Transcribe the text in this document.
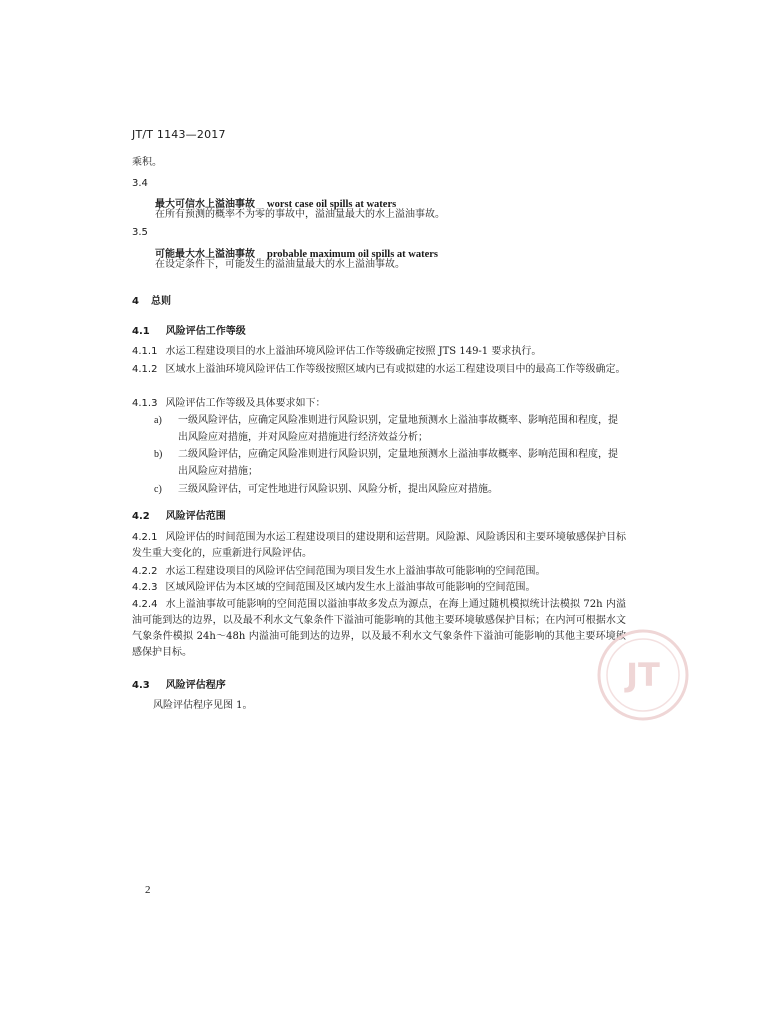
JT/T 1143—2017
乘积。
3.4
最大可信水上溢油事故 worst case oil spills at waters
在所有预测的概率不为零的事故中，溢油量最大的水上溢油事故。
3.5
可能最大水上溢油事故 probable maximum oil spills at waters
在设定条件下，可能发生的溢油量最大的水上溢油事故。
4 总则
4.1 风险评估工作等级
4.1.1 水运工程建设项目的水上溢油环境风险评估工作等级确定按照 JTS 149-1 要求执行。
4.1.2 区域水上溢油环境风险评估工作等级按照区域内已有或拟建的水运工程建设项目中的最高工作等级确定。
4.1.3 风险评估工作等级及具体要求如下：
a) 一级风险评估，应确定风险准则进行风险识别，定量地预测水上溢油事故概率、影响范围和程度，提出风险应对措施，并对风险应对措施进行经济效益分析；
b) 二级风险评估，应确定风险准则进行风险识别，定量地预测水上溢油事故概率、影响范围和程度，提出风险应对措施；
c) 三级风险评估，可定性地进行风险识别、风险分析，提出风险应对措施。
4.2 风险评估范围
4.2.1 风险评估的时间范围为水运工程建设项目的建设期和运营期。风险源、风险诱因和主要环境敏感保护目标发生重大变化的，应重新进行风险评估。
4.2.2 水运工程建设项目的风险评估空间范围为项目发生水上溢油事故可能影响的空间范围。
4.2.3 区域风险评估为本区域的空间范围及区域内发生水上溢油事故可能影响的空间范围。
4.2.4 水上溢油事故可能影响的空间范围以溢油事故多发点为源点，在海上通过随机模拟统计法模拟 72h 内溢油可能到达的边界，以及最不利水文气象条件下溢油可能影响的其他主要环境敏感保护目标；在内河可根据水文气象条件模拟 24h～48h 内溢油可能到达的边界，以及最不利水文气象条件下溢油可能影响的其他主要环境敏感保护目标。
4.3 风险评估程序
风险评估程序见图 1。
JT
2
